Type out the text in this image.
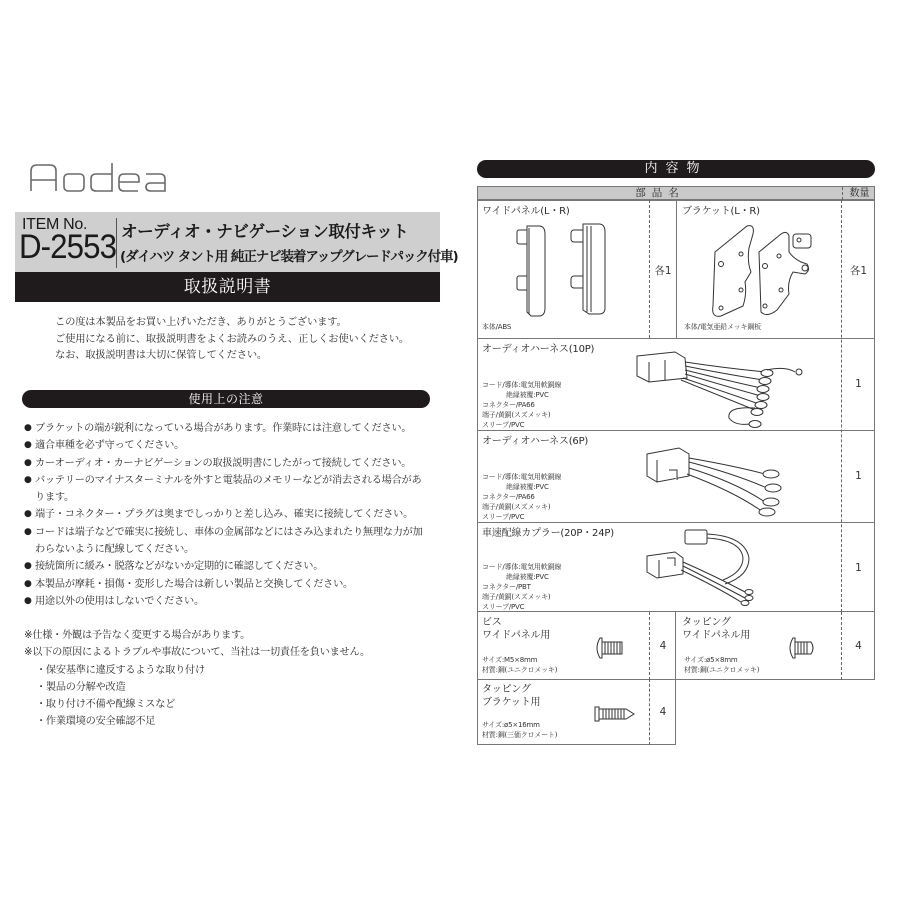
ITEM No.
D-2553 オーディオ・ナビゲーション取付キット
(ダイハツ タント用 純正ナビ装着アップグレードパック付車)
取扱説明書
この度は本製品をお買い上げいただき、ありがとうございます。
ご使用になる前に、取扱説明書をよくお読みのうえ、正しくお使いください。
なお、取扱説明書は大切に保管してください。
使用上の注意
● ブラケットの端が鋭利になっている場合があります。作業時には注意してください。
● 適合車種を必ず守ってください。
● カーオーディオ・カーナビゲーションの取扱説明書にしたがって接続してください。
● バッテリーのマイナスターミナルを外すと電装品のメモリーなどが消去される場合があります。
● 端子・コネクター・プラグは奥までしっかりと差し込み、確実に接続してください。
● コードは端子などで確実に接続し、車体の金属部などにはさみ込まれたり無理な力が加わらないように配線してください。
● 接続箇所に緩み・脱落などがないか定期的に確認してください。
● 本製品が摩耗・損傷・変形した場合は新しい製品と交換してください。
● 用途以外の使用はしないでください。
※仕様・外観は予告なく変更する場合があります。
※以下の原因によるトラブルや事故について、当社は一切責任を負いません。
・保安基準に違反するような取り付け
・製品の分解や改造
・取り付け不備や配線ミスなど
・作業環境の安全確認不足
内容物
部品名	数量
ワイドパネル(L・R)
本体/ABS
各1
ブラケット(L・R)
本体/電気亜鉛メッキ鋼板
各1
オーディオハーネス(10P)
コード/導体:電気用軟銅線
絶縁被覆:PVC
コネクター/PA66
端子/黄銅(スズメッキ)
スリーブ/PVC
1
オーディオハーネス(6P)
コード/導体:電気用軟銅線
絶縁被覆:PVC
コネクター/PA66
端子/黄銅(スズメッキ)
スリーブ/PVC
1
車速配線カプラー(20P・24P)
コード/導体:電気用軟銅線
絶縁被覆:PVC
コネクター/PBT
端子/黄銅(スズメッキ)
スリーブ/PVC
1
ビス
ワイドパネル用
サイズ:M5×8mm
材質:鋼(ユニクロメッキ)
4
タッピング
ワイドパネル用
サイズ:ø5×8mm
材質:鋼(ユニクロメッキ)
4
タッピング
ブラケット用
サイズ:ø5×16mm
材質:鋼(三価クロメート)
4
